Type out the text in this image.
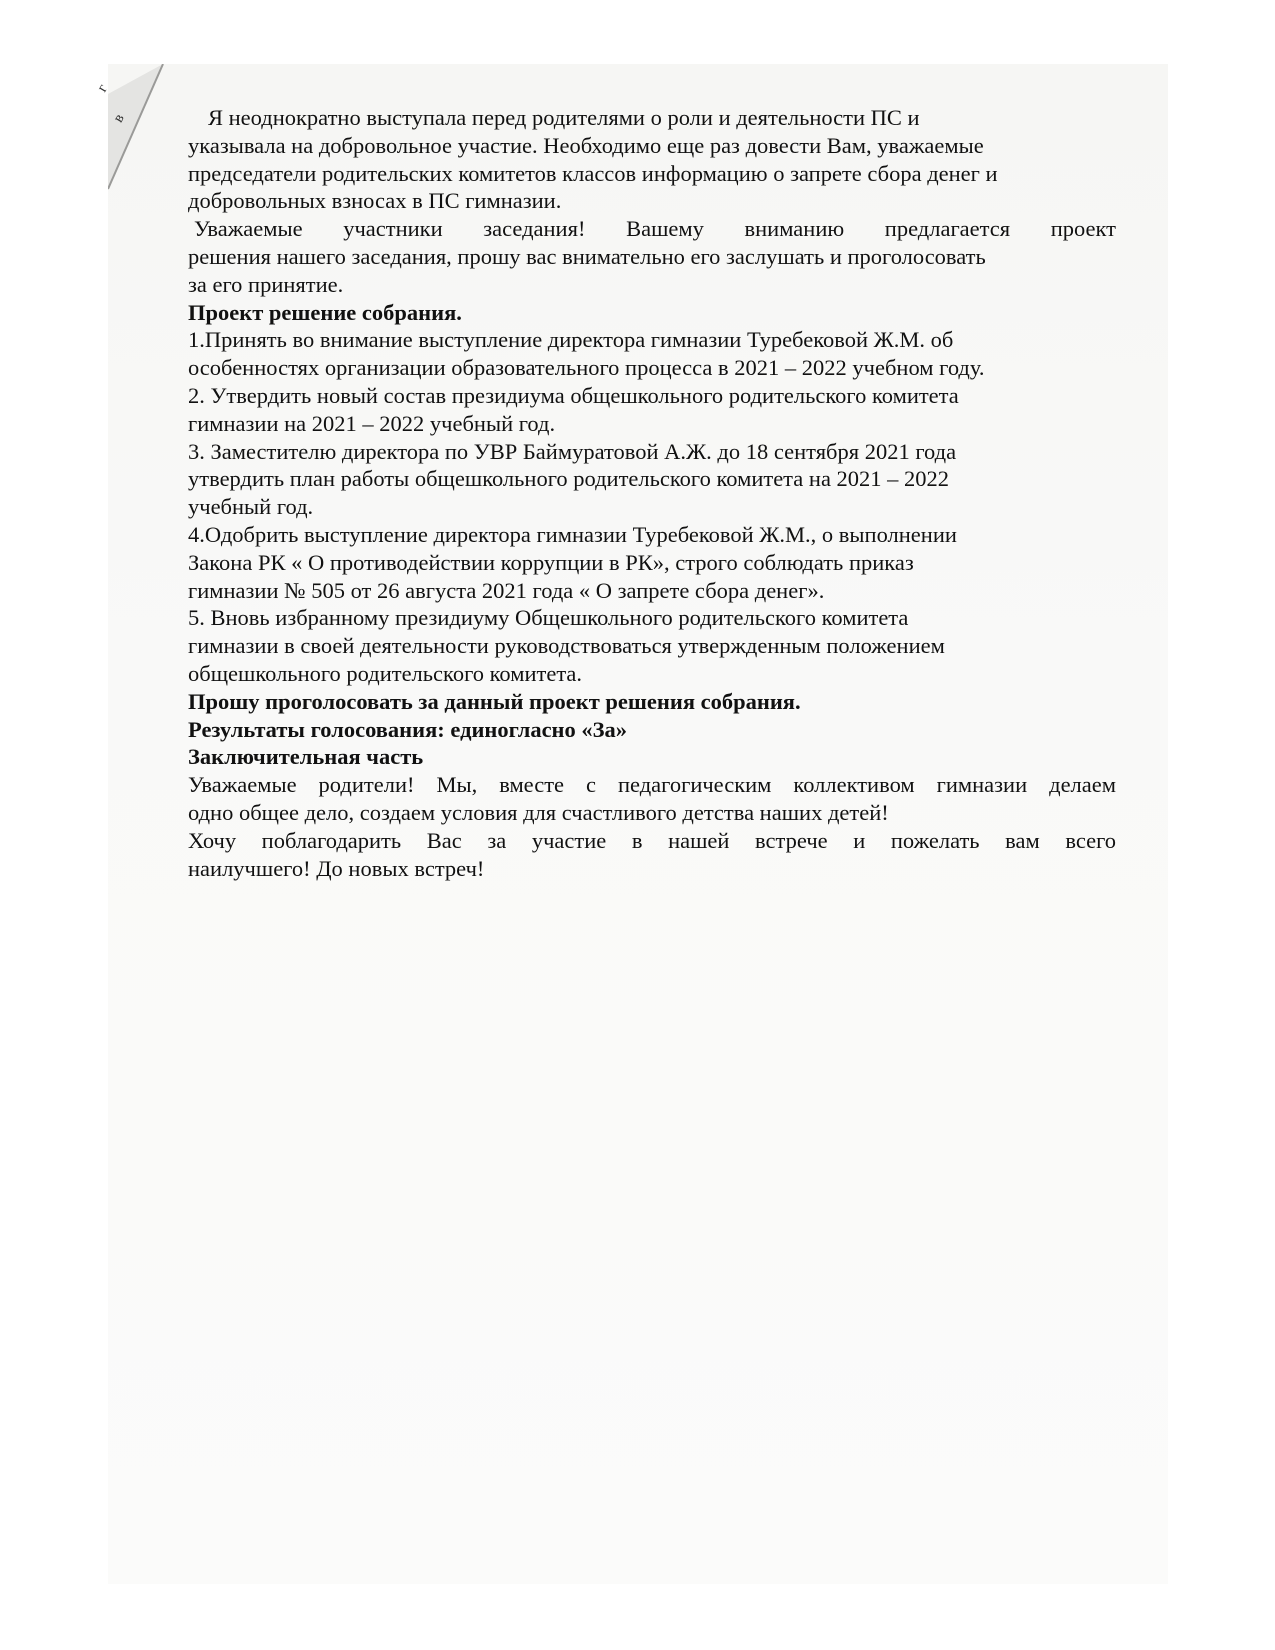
г
в	Я неоднократно выступала перед родителями о роли и деятельности ПС и

указывала на добровольное участие. Необходимо еще раз довести Вам, уважаемые

председатели родительских комитетов классов информацию о запрете сбора денег и

добровольных взносах в ПС гимназии.

Уважаемые участники заседания! Вашему вниманию предлагается проект

решения нашего заседания, прошу вас внимательно его заслушать и проголосовать

за его принятие.

Проект решение собрания.

1.Принять во внимание выступление директора гимназии Туребековой Ж.М. об

особенностях организации образовательного процесса в 2021 – 2022 учебном году.

2. Утвердить новый состав президиума общешкольного родительского комитета

гимназии на 2021 – 2022 учебный год.

3. Заместителю директора по УВР Баймуратовой А.Ж. до 18 сентября 2021 года

утвердить план работы общешкольного родительского комитета на 2021 – 2022

учебный год.

4.Одобрить выступление директора гимназии Туребековой Ж.М., о выполнении

Закона РК « О противодействии коррупции в РК», строго соблюдать приказ

гимназии № 505 от 26 августа 2021 года « О запрете сбора денег».

5. Вновь избранному президиуму Общешкольного родительского комитета

гимназии в своей деятельности руководствоваться утвержденным положением

общешкольного родительского комитета.

Прошу проголосовать за данный проект решения собрания.

Результаты голосования: единогласно «За»

Заключительная часть

Уважаемые родители! Мы, вместе с педагогическим коллективом гимназии делаем

одно общее дело, создаем условия для счастливого детства наших детей!

Хочу поблагодарить Вас за участие в нашей встрече и пожелать вам всего

наилучшего! До новых встреч!
